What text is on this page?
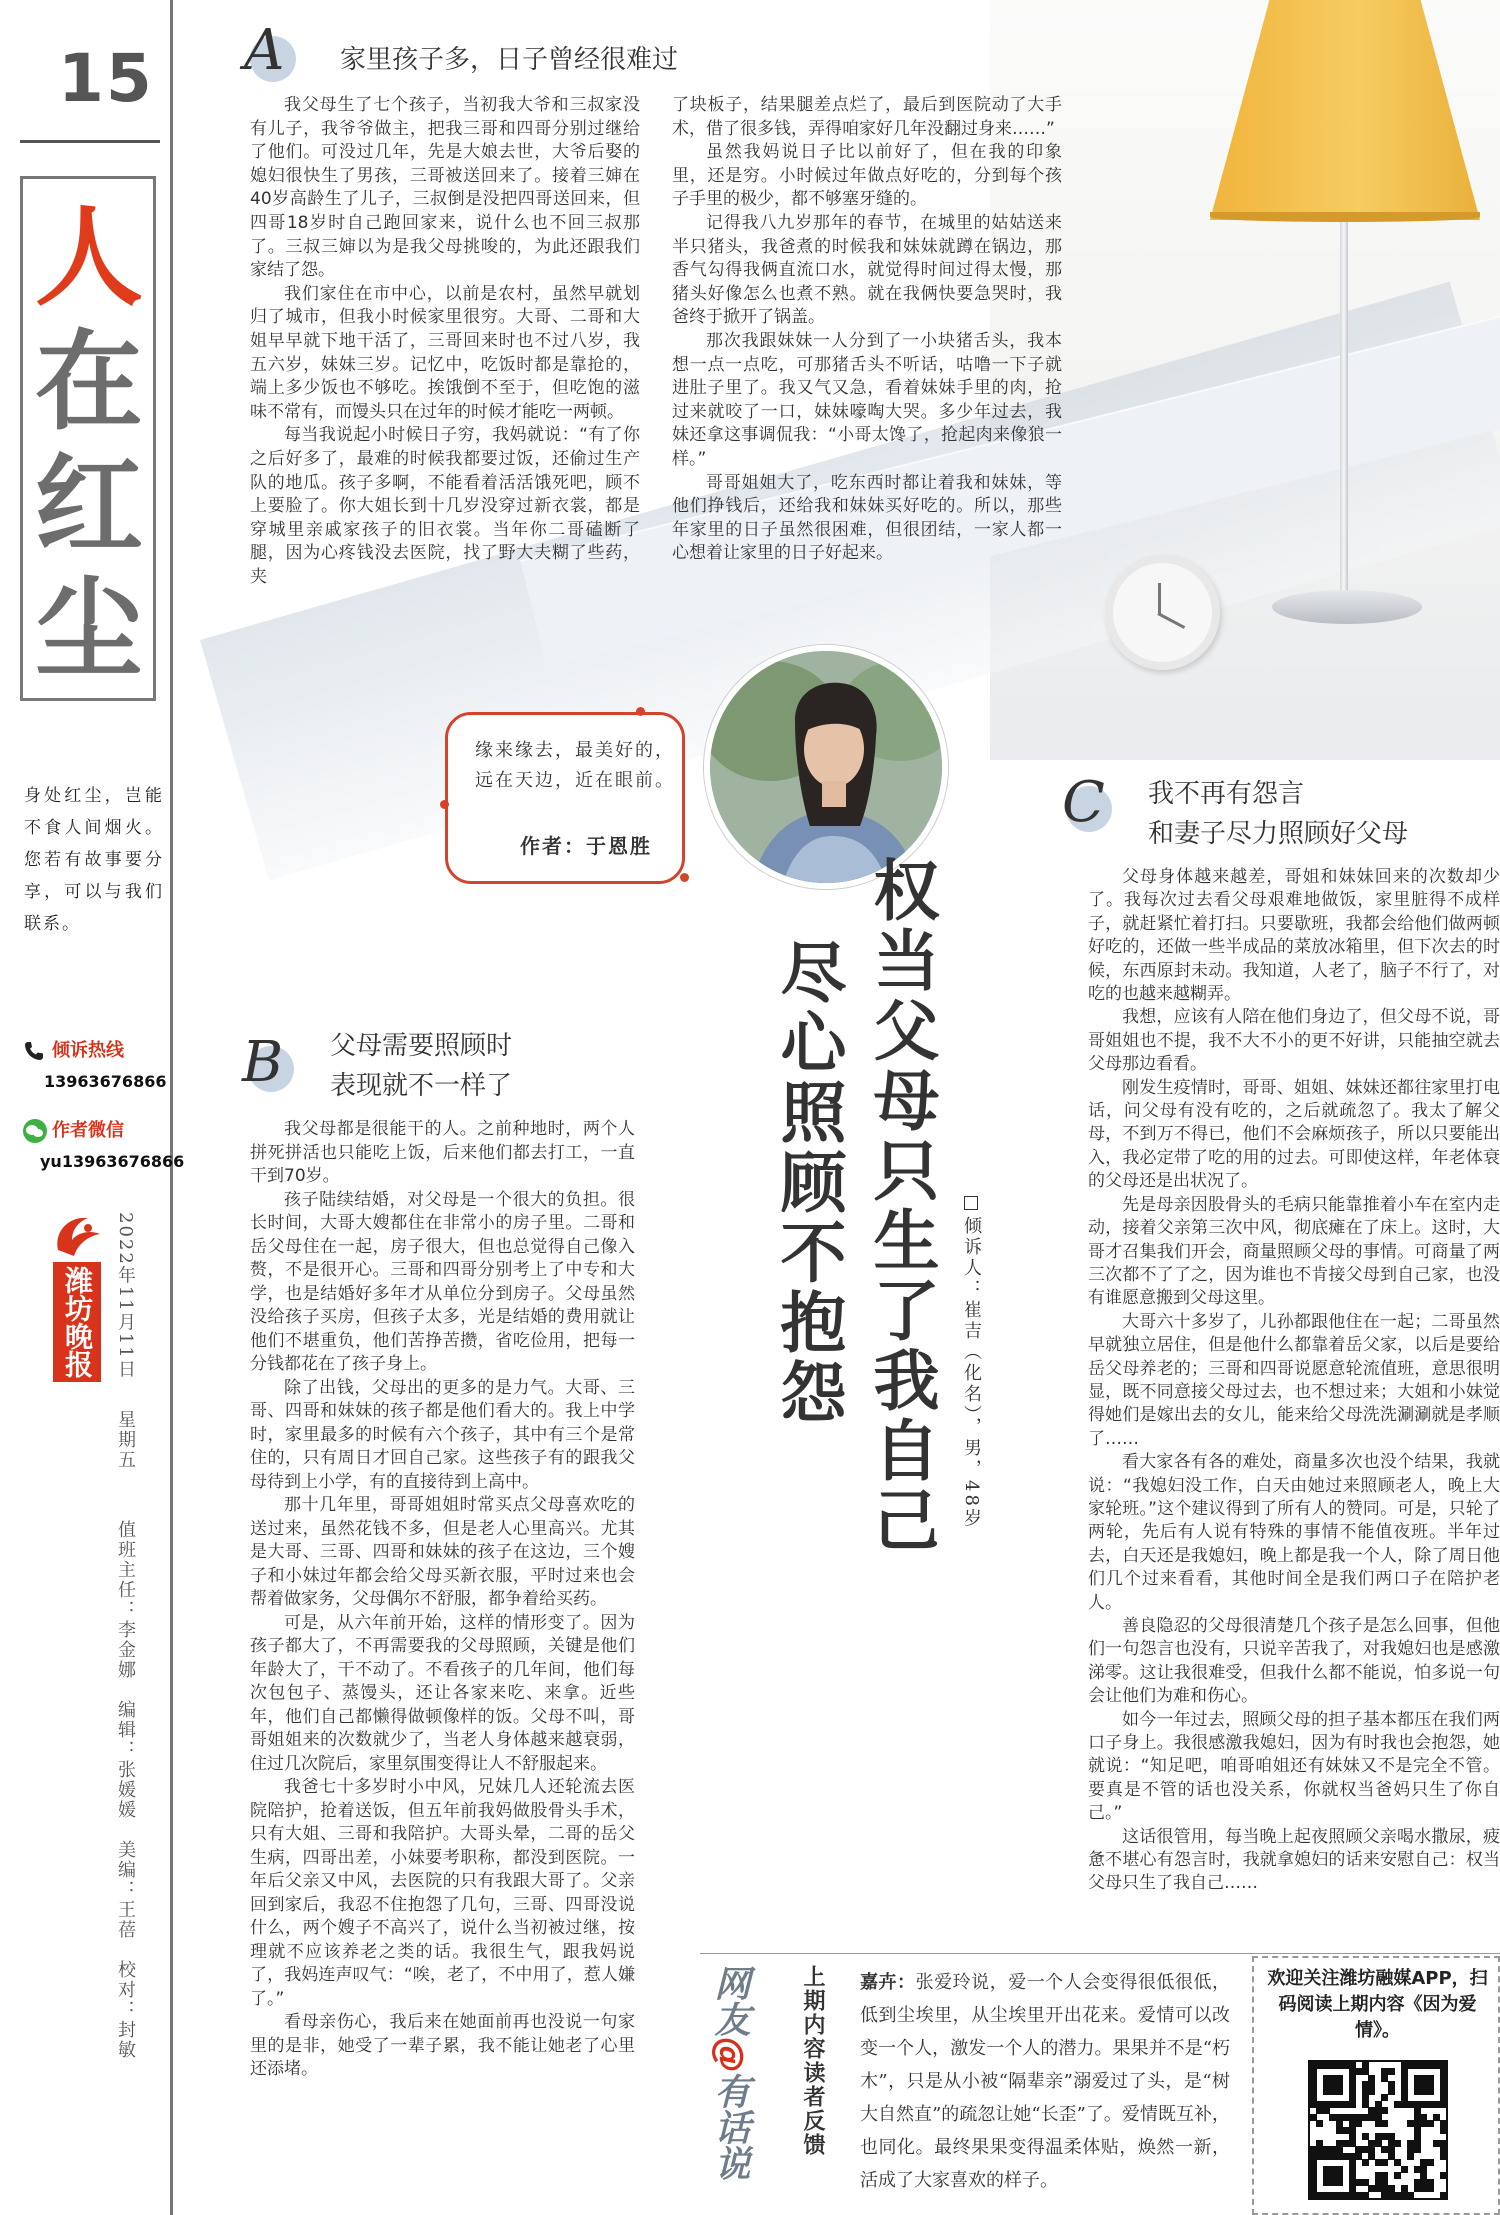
15
人
在
红
尘
身处红尘，岂能不食人间烟火。您若有故事要分享，可以与我们联系。
倾诉热线
13963676866
作者微信
yu13963676866
潍坊晚报 2022年11月11日
星期五
值班主任：李金娜　编辑：张媛媛　美编：王蓓　校对：封敏
A 家里孩子多，日子曾经很难过

我父母生了七个孩子，当初我大爷和三叔家没有儿子，我爷爷做主，把我三哥和四哥分别过继给了他们。可没过几年，先是大娘去世，大爷后娶的媳妇很快生了男孩，三哥被送回来了。接着三婶在40岁高龄生了儿子，三叔倒是没把四哥送回来，但四哥18岁时自己跑回家来，说什么也不回三叔那了。三叔三婶以为是我父母挑唆的，为此还跟我们家结了怨。

我们家住在市中心，以前是农村，虽然早就划归了城市，但我小时候家里很穷。大哥、二哥和大姐早早就下地干活了，三哥回来时也不过八岁，我五六岁，妹妹三岁。记忆中，吃饭时都是靠抢的，端上多少饭也不够吃。挨饿倒不至于，但吃饱的滋味不常有，而馒头只在过年的时候才能吃一两顿。

每当我说起小时候日子穷，我妈就说：“有了你之后好多了，最难的时候我都要过饭，还偷过生产队的地瓜。孩子多啊，不能看着活活饿死吧，顾不上要脸了。你大姐长到十几岁没穿过新衣裳，都是穿城里亲戚家孩子的旧衣裳。当年你二哥磕断了腿，因为心疼钱没去医院，找了野大夫糊了些药，夹

了块板子，结果腿差点烂了，最后到医院动了大手术，借了很多钱，弄得咱家好几年没翻过身来……”

虽然我妈说日子比以前好了，但在我的印象里，还是穷。小时候过年做点好吃的，分到每个孩子手里的极少，都不够塞牙缝的。

记得我八九岁那年的春节，在城里的姑姑送来半只猪头，我爸煮的时候我和妹妹就蹲在锅边，那香气勾得我俩直流口水，就觉得时间过得太慢，那猪头好像怎么也煮不熟。就在我俩快要急哭时，我爸终于掀开了锅盖。

那次我跟妹妹一人分到了一小块猪舌头，我本想一点一点吃，可那猪舌头不听话，咕噜一下子就进肚子里了。我又气又急，看着妹妹手里的肉，抢过来就咬了一口，妹妹嚎啕大哭。多少年过去，我妹还拿这事调侃我：“小哥太馋了，抢起肉来像狼一样。”

哥哥姐姐大了，吃东西时都让着我和妹妹，等他们挣钱后，还给我和妹妹买好吃的。所以，那些年家里的日子虽然很困难，但很团结，一家人都一心想着让家里的日子好起来。

缘来缘去，最美好的，远在天边，近在眼前。
作者：于恩胜
权当父母只生了我自己
尽心照顾不抱怨	倾诉人：崔吉（化名），男，48岁
B 父母需要照顾时
表现就不一样了

我父母都是很能干的人。之前种地时，两个人拼死拼活也只能吃上饭，后来他们都去打工，一直干到70岁。

孩子陆续结婚，对父母是一个很大的负担。很长时间，大哥大嫂都住在非常小的房子里。二哥和岳父母住在一起，房子很大，但也总觉得自己像入赘，不是很开心。三哥和四哥分别考上了中专和大学，也是结婚好多年才从单位分到房子。父母虽然没给孩子买房，但孩子太多，光是结婚的费用就让他们不堪重负，他们苦挣苦攒，省吃俭用，把每一分钱都花在了孩子身上。

除了出钱，父母出的更多的是力气。大哥、三哥、四哥和妹妹的孩子都是他们看大的。我上中学时，家里最多的时候有六个孩子，其中有三个是常住的，只有周日才回自己家。这些孩子有的跟我父母待到上小学，有的直接待到上高中。

那十几年里，哥哥姐姐时常买点父母喜欢吃的送过来，虽然花钱不多，但是老人心里高兴。尤其是大哥、三哥、四哥和妹妹的孩子在这边，三个嫂子和小妹过年都会给父母买新衣服，平时过来也会帮着做家务，父母偶尔不舒服，都争着给买药。

可是，从六年前开始，这样的情形变了。因为孩子都大了，不再需要我的父母照顾，关键是他们年龄大了，干不动了。不看孩子的几年间，他们每次包包子、蒸馒头，还让各家来吃、来拿。近些年，他们自己都懒得做顿像样的饭。父母不叫，哥哥姐姐来的次数就少了，当老人身体越来越衰弱，住过几次院后，家里氛围变得让人不舒服起来。

我爸七十多岁时小中风，兄妹几人还轮流去医院陪护，抢着送饭，但五年前我妈做股骨头手术，只有大姐、三哥和我陪护。大哥头晕，二哥的岳父生病，四哥出差，小妹要考职称，都没到医院。一年后父亲又中风，去医院的只有我跟大哥了。父亲回到家后，我忍不住抱怨了几句，三哥、四哥没说什么，两个嫂子不高兴了，说什么当初被过继，按理就不应该养老之类的话。我很生气，跟我妈说了，我妈连声叹气：“唉，老了，不中用了，惹人嫌了。”

看母亲伤心，我后来在她面前再也没说一句家里的是非，她受了一辈子累，我不能让她老了心里还添堵。

C 我不再有怨言
和妻子尽力照顾好父母

父母身体越来越差，哥姐和妹妹回来的次数却少了。我每次过去看父母艰难地做饭，家里脏得不成样子，就赶紧忙着打扫。只要歇班，我都会给他们做两顿好吃的，还做一些半成品的菜放冰箱里，但下次去的时候，东西原封未动。我知道，人老了，脑子不行了，对吃的也越来越糊弄。

我想，应该有人陪在他们身边了，但父母不说，哥哥姐姐也不提，我不大不小的更不好讲，只能抽空就去父母那边看看。

刚发生疫情时，哥哥、姐姐、妹妹还都往家里打电话，问父母有没有吃的，之后就疏忽了。我太了解父母，不到万不得已，他们不会麻烦孩子，所以只要能出入，我必定带了吃的用的过去。可即使这样，年老体衰的父母还是出状况了。

先是母亲因股骨头的毛病只能靠推着小车在室内走动，接着父亲第三次中风，彻底瘫在了床上。这时，大哥才召集我们开会，商量照顾父母的事情。可商量了两三次都不了了之，因为谁也不肯接父母到自己家，也没有谁愿意搬到父母这里。

大哥六十多岁了，儿孙都跟他住在一起；二哥虽然早就独立居住，但是他什么都靠着岳父家，以后是要给岳父母养老的；三哥和四哥说愿意轮流值班，意思很明显，既不同意接父母过去，也不想过来；大姐和小妹觉得她们是嫁出去的女儿，能来给父母洗洗涮涮就是孝顺了……

看大家各有各的难处，商量多次也没个结果，我就说：“我媳妇没工作，白天由她过来照顾老人，晚上大家轮班。”这个建议得到了所有人的赞同。可是，只轮了两轮，先后有人说有特殊的事情不能值夜班。半年过去，白天还是我媳妇，晚上都是我一个人，除了周日他们几个过来看看，其他时间全是我们两口子在陪护老人。

善良隐忍的父母很清楚几个孩子是怎么回事，但他们一句怨言也没有，只说辛苦我了，对我媳妇也是感激涕零。这让我很难受，但我什么都不能说，怕多说一句会让他们为难和伤心。

如今一年过去，照顾父母的担子基本都压在我们两口子身上。我很感激我媳妇，因为有时我也会抱怨，她就说：“知足吧，咱哥咱姐还有妹妹又不是完全不管。要真是不管的话也没关系，你就权当爸妈只生了你自己。”

这话很管用，每当晚上起夜照顾父亲喝水撒尿，疲惫不堪心有怨言时，我就拿媳妇的话来安慰自己：权当父母只生了我自己……

网友@有话说 上期内容读者反馈 嘉卉：张爱玲说，爱一个人会变得很低很低，低到尘埃里，从尘埃里开出花来。爱情可以改变一个人，激发一个人的潜力。果果并不是“朽木”，只是从小被“隔辈亲”溺爱过了头，是“树大自然直”的疏忽让她“长歪”了。爱情既互补，也同化。最终果果变得温柔体贴，焕然一新，活成了大家喜欢的样子。
欢迎关注潍坊融媒APP，扫码阅读上期内容《因为爱情》。
